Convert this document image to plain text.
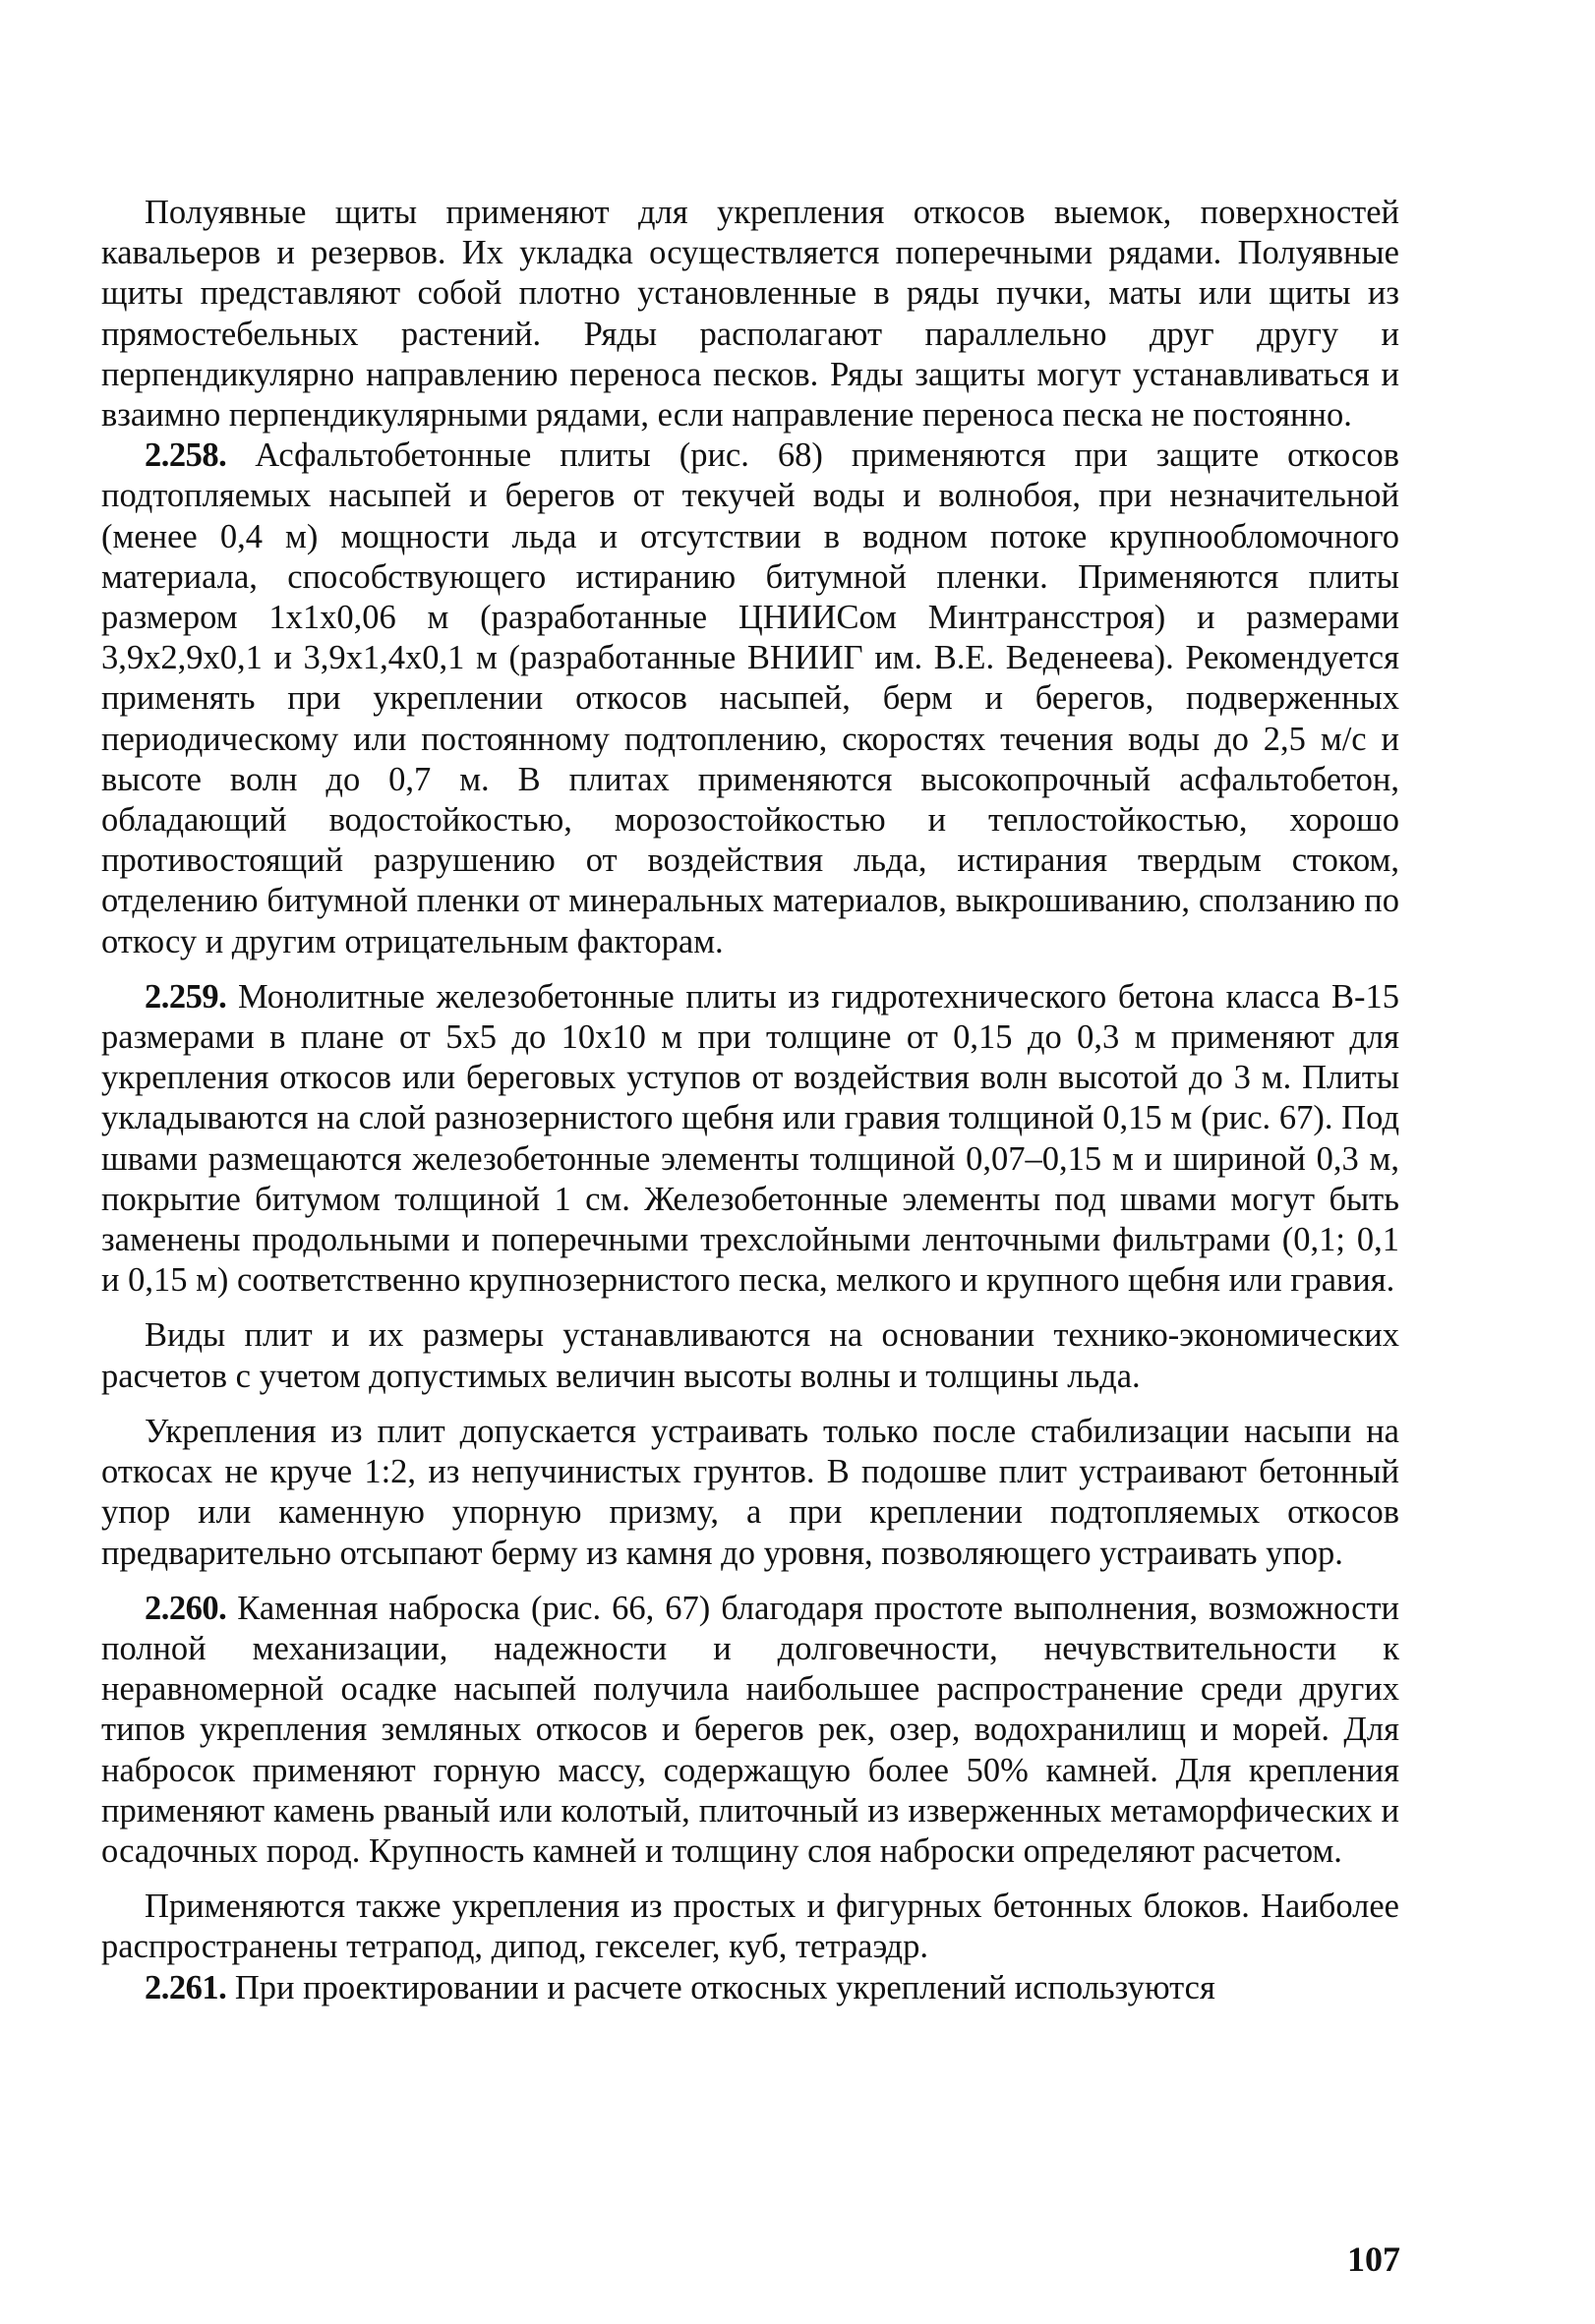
Полуявные щиты применяют для укрепления откосов выемок, поверхностей кавальеров и резервов. Их укладка осуществляется поперечными рядами. Полуявные щиты представляют собой плотно установленные в ряды пучки, маты или щиты из прямостебельных растений. Ряды располагают параллельно друг другу и перпендикулярно направлению переноса песков. Ряды защиты могут устанавливаться и взаимно перпендикулярными рядами, если направление переноса песка не постоянно.

2.258. Асфальтобетонные плиты (рис. 68) применяются при защите откосов подтопляемых насыпей и берегов от текучей воды и волнобоя, при незначительной (менее 0,4 м) мощности льда и отсутствии в водном потоке крупнообломочного материала, способствующего истиранию битумной пленки. Применяются плиты размером 1х1х0,06 м (разработанные ЦНИИСом Минтрансстроя) и размерами 3,9х2,9х0,1 и 3,9х1,4х0,1 м (разработанные ВНИИГ им. В.Е. Веденеева). Рекомендуется применять при укреплении откосов насыпей, берм и берегов, подверженных периодическому или постоянному подтоплению, скоростях течения воды до 2,5 м/с и высоте волн до 0,7 м. В плитах применяются высокопрочный асфальтобетон, обладающий водостойкостью, морозостойкостью и теплостойкостью, хорошо противостоящий разрушению от воздействия льда, истирания твердым стоком, отделению битумной пленки от минеральных материалов, выкрошиванию, сползанию по откосу и другим отрицательным факторам.

2.259. Монолитные железобетонные плиты из гидротехнического бетона класса В-15 размерами в плане от 5х5 до 10х10 м при толщине от 0,15 до 0,3 м применяют для укрепления откосов или береговых уступов от воздействия волн высотой до 3 м. Плиты укладываются на слой разнозернистого щебня или гравия толщиной 0,15 м (рис. 67). Под швами размещаются железобетонные элементы толщиной 0,07–0,15 м и шириной 0,3 м, покрытие битумом толщиной 1 см. Железобетонные элементы под швами могут быть заменены продольными и поперечными трехслойными ленточными фильтрами (0,1; 0,1 и 0,15 м) соответственно крупнозернистого песка, мелкого и крупного щебня или гравия.

Виды плит и их размеры устанавливаются на основании технико-экономических расчетов с учетом допустимых величин высоты волны и толщины льда.

Укрепления из плит допускается устраивать только после стабилизации насыпи на откосах не круче 1:2, из непучинистых грунтов. В подошве плит устраивают бетонный упор или каменную упорную призму, а при креплении подтопляемых откосов предварительно отсыпают берму из камня до уровня, позволяющего устраивать упор.

2.260. Каменная наброска (рис. 66, 67) благодаря простоте выполнения, возможности полной механизации, надежности и долговечности, нечувствительности к неравномерной осадке насыпей получила наибольшее распространение среди других типов укрепления земляных откосов и берегов рек, озер, водохранилищ и морей. Для набросок применяют горную массу, содержащую более 50% камней. Для крепления применяют камень рваный или колотый, плиточный из изверженных метаморфических и осадочных пород. Крупность камней и толщину слоя наброски определяют расчетом.

Применяются также укрепления из простых и фигурных бетонных блоков. Наиболее распространены тетрапод, дипод, гекселег, куб, тетраэдр.

2.261. При проектировании и расчете откосных укреплений используются

107
